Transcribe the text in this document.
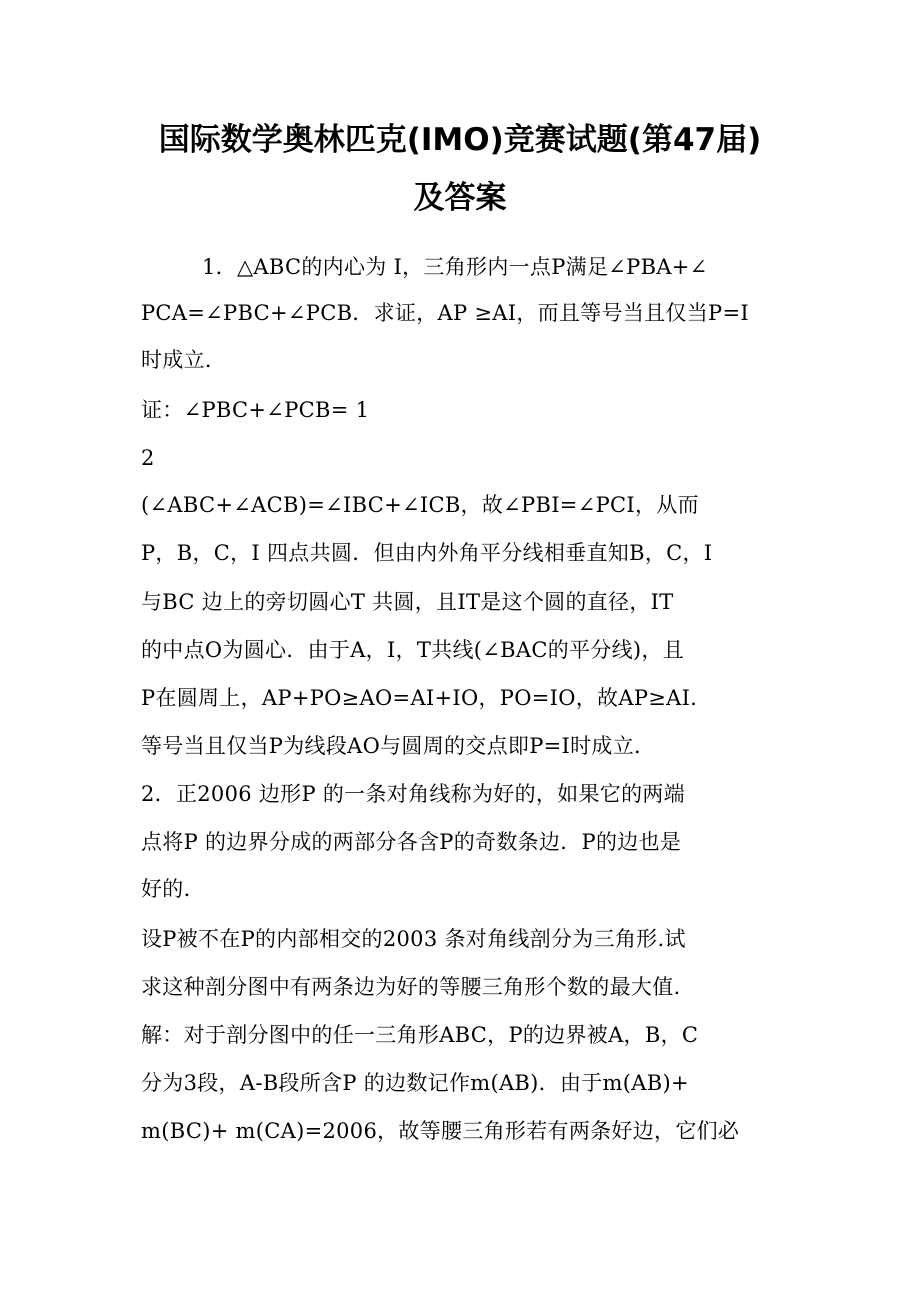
国际数学奥林匹克(IMO)竞赛试题(第47届)
及答案
1．△ABC的内心为 I，三角形内一点P满足∠PBA+∠
PCA=∠PBC+∠PCB．求证，AP ≥AI，而且等号当且仅当P=I
时成立．
证：∠PBC+∠PCB= 1
2
(∠ABC+∠ACB)=∠IBC+∠ICB，故∠PBI=∠PCI，从而
P，B，C，I 四点共圆．但由内外角平分线相垂直知B，C，I
与BC 边上的旁切圆心T 共圆，且IT是这个圆的直径，IT
的中点O为圆心．由于A，I，T共线(∠BAC的平分线)，且
P在圆周上，AP+PO≥AO=AI+IO，PO=IO，故AP≥AI．
等号当且仅当P为线段AO与圆周的交点即P=I时成立．
2．正2006 边形P 的一条对角线称为好的，如果它的两端
点将P 的边界分成的两部分各含P的奇数条边．P的边也是
好的．
设P被不在P的内部相交的2003 条对角线剖分为三角形.试
求这种剖分图中有两条边为好的等腰三角形个数的最大值.
解：对于剖分图中的任一三角形ABC，P的边界被A，B，C
分为3段，A-B段所含P 的边数记作m(AB)．由于m(AB)+
m(BC)+ m(CA)=2006，故等腰三角形若有两条好边，它们必
